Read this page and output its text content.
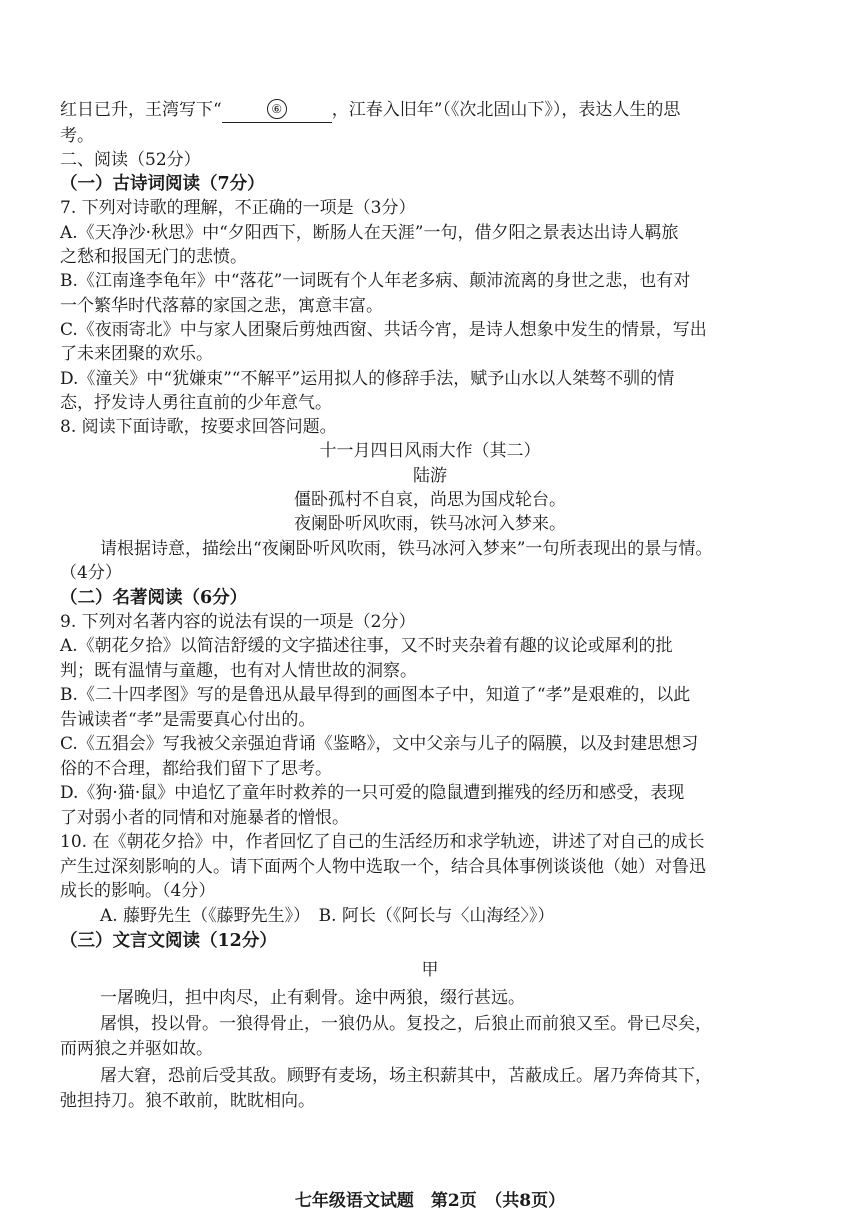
红日已升，王湾写下“	⑥	，江春入旧年”（《次北固山下》），表达人生的思
考。
二、阅读（52分）
（一）古诗词阅读（7分）
7. 下列对诗歌的理解，不正确的一项是（3分）
A.《天净沙·秋思》中“夕阳西下，断肠人在天涯”一句，借夕阳之景表达出诗人羁旅
之愁和报国无门的悲愤。
B.《江南逢李龟年》中“落花”一词既有个人年老多病、颠沛流离的身世之悲，也有对
一个繁华时代落幕的家国之悲，寓意丰富。
C.《夜雨寄北》中与家人团聚后剪烛西窗、共话今宵，是诗人想象中发生的情景，写出
了未来团聚的欢乐。
D.《潼关》中“犹嫌束”“不解平”运用拟人的修辞手法，赋予山水以人桀骜不驯的情
态，抒发诗人勇往直前的少年意气。
8. 阅读下面诗歌，按要求回答问题。
十一月四日风雨大作（其二）
陆游
僵卧孤村不自哀，尚思为国戍轮台。
夜阑卧听风吹雨，铁马冰河入梦来。
请根据诗意，描绘出“夜阑卧听风吹雨，铁马冰河入梦来”一句所表现出的景与情。
（4分）
（二）名著阅读（6分）
9. 下列对名著内容的说法有误的一项是（2分）
A.《朝花夕拾》以简洁舒缓的文字描述往事，又不时夹杂着有趣的议论或犀利的批
判；既有温情与童趣，也有对人情世故的洞察。
B.《二十四孝图》写的是鲁迅从最早得到的画图本子中，知道了“孝”是艰难的，以此
告诫读者“孝”是需要真心付出的。
C.《五猖会》写我被父亲强迫背诵《鉴略》，文中父亲与儿子的隔膜，以及封建思想习
俗的不合理，都给我们留下了思考。
D.《狗·猫·鼠》中追忆了童年时救养的一只可爱的隐鼠遭到摧残的经历和感受，表现
了对弱小者的同情和对施暴者的憎恨。
10. 在《朝花夕拾》中，作者回忆了自己的生活经历和求学轨迹，讲述了对自己的成长
产生过深刻影响的人。请下面两个人物中选取一个，结合具体事例谈谈他（她）对鲁迅
成长的影响。（4分）
A. 藤野先生（《藤野先生》）　B. 阿长（《阿长与〈山海经〉》）
（三）文言文阅读（12分）
甲
一屠晚归，担中肉尽，止有剩骨。途中两狼，缀行甚远。
屠惧，投以骨。一狼得骨止，一狼仍从。复投之，后狼止而前狼又至。骨已尽矣，
而两狼之并驱如故。
屠大窘，恐前后受其敌。顾野有麦场，场主积薪其中，苫蔽成丘。屠乃奔倚其下，
弛担持刀。狼不敢前，眈眈相向。
七年级语文试题　第2页　（共8页）
